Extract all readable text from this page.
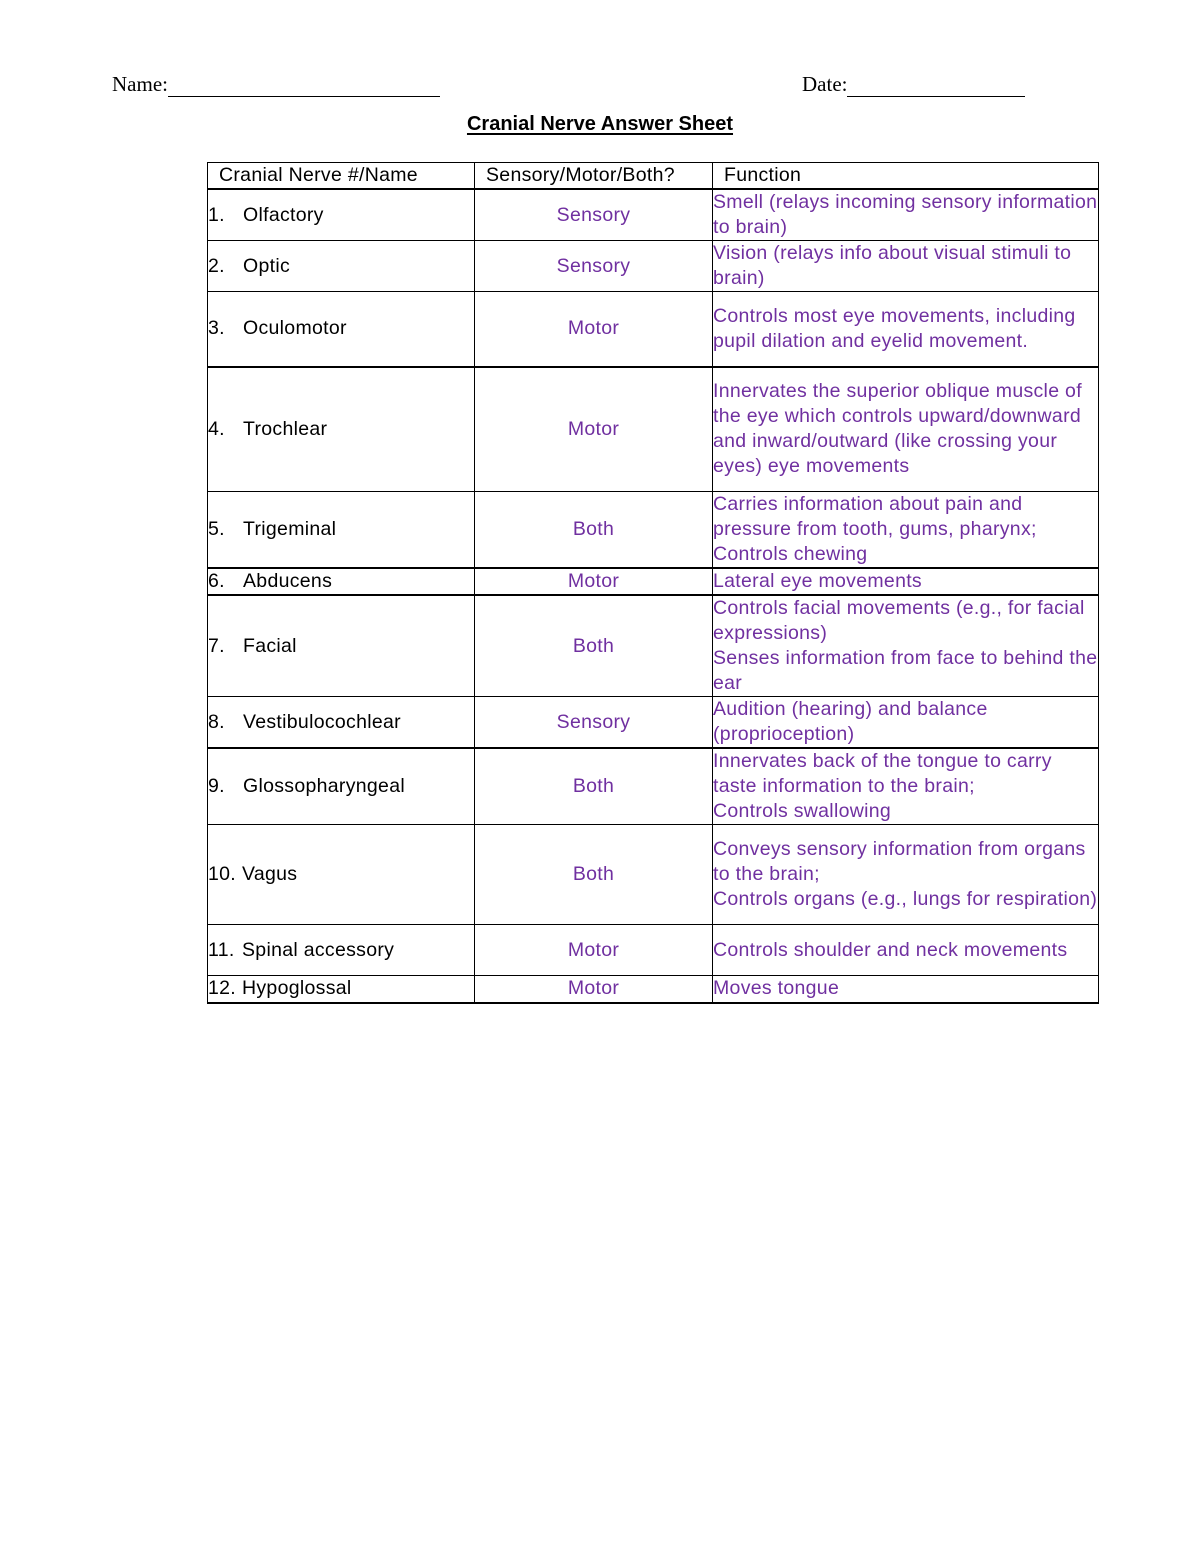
Name:	Date:
Cranial Nerve Answer Sheet
Cranial Nerve #/Name	Sensory/Motor/Both?	Function
1. Olfactory	Sensory	Smell (relays incoming sensory information to brain)

2. Optic	Sensory	Vision (relays info about visual stimuli to brain)

3. Oculomotor	Motor	Controls most eye movements, including pupil dilation and eyelid movement.

4. Trochlear	Motor	Innervates the superior oblique muscle of the eye which controls upward/downward and inward/outward (like crossing your eyes) eye movements

5. Trigeminal	Both	Carries information about pain and pressure from tooth, gums, pharynx;
Controls chewing

6. Abducens	Motor	Lateral eye movements

7. Facial	Both	Controls facial movements (e.g., for facial expressions)
Senses information from face to behind the ear

8. Vestibulocochlear	Sensory	Audition (hearing) and balance (proprioception)

9. Glossopharyngeal	Both	Innervates back of the tongue to carry taste information to the brain;
Controls swallowing

10. Vagus	Both	Conveys sensory information from organs to the brain;
Controls organs (e.g., lungs for respiration)

11. Spinal accessory	Motor	Controls shoulder and neck movements

12. Hypoglossal	Motor	Moves tongue
